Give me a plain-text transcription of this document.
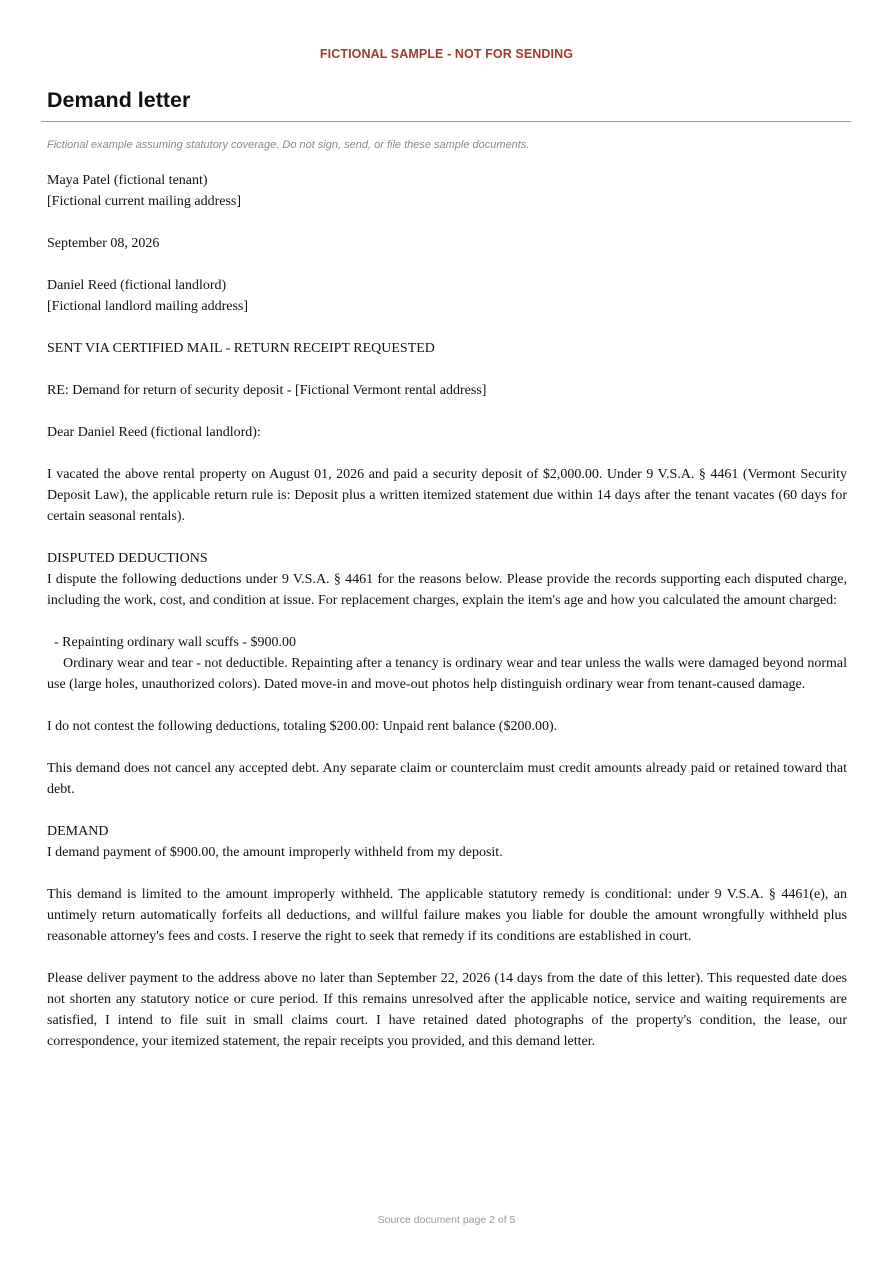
FICTIONAL SAMPLE - NOT FOR SENDING
Demand letter
Fictional example assuming statutory coverage. Do not sign, send, or file these sample documents.

Maya Patel (fictional tenant)
[Fictional current mailing address]

September 08, 2026

Daniel Reed (fictional landlord)
[Fictional landlord mailing address]

SENT VIA CERTIFIED MAIL - RETURN RECEIPT REQUESTED

RE: Demand for return of security deposit - [Fictional Vermont rental address]

Dear Daniel Reed (fictional landlord):

I vacated the above rental property on August 01, 2026 and paid a security deposit of $2,000.00. Under 9 V.S.A. § 4461 (Vermont Security Deposit Law), the applicable return rule is: Deposit plus a written itemized statement due within 14 days after the tenant vacates (60 days for certain seasonal rentals).

DISPUTED DEDUCTIONS
I dispute the following deductions under 9 V.S.A. § 4461 for the reasons below. Please provide the records supporting each disputed charge, including the work, cost, and condition at issue. For replacement charges, explain the item's age and how you calculated the amount charged:

- Repainting ordinary wall scuffs - $900.00
Ordinary wear and tear - not deductible. Repainting after a tenancy is ordinary wear and tear unless the walls were damaged beyond normal use (large holes, unauthorized colors). Dated move-in and move-out photos help distinguish ordinary wear from tenant-caused damage.

I do not contest the following deductions, totaling $200.00: Unpaid rent balance ($200.00).

This demand does not cancel any accepted debt. Any separate claim or counterclaim must credit amounts already paid or retained toward that debt.

DEMAND
I demand payment of $900.00, the amount improperly withheld from my deposit.

This demand is limited to the amount improperly withheld. The applicable statutory remedy is conditional: under 9 V.S.A. § 4461(e), an untimely return automatically forfeits all deductions, and willful failure makes you liable for double the amount wrongfully withheld plus reasonable attorney's fees and costs. I reserve the right to seek that remedy if its conditions are established in court.

Please deliver payment to the address above no later than September 22, 2026 (14 days from the date of this letter). This requested date does not shorten any statutory notice or cure period. If this remains unresolved after the applicable notice, service and waiting requirements are satisfied, I intend to file suit in small claims court. I have retained dated photographs of the property's condition, the lease, our correspondence, your itemized statement, the repair receipts you provided, and this demand letter.

Source document page 2 of 5
